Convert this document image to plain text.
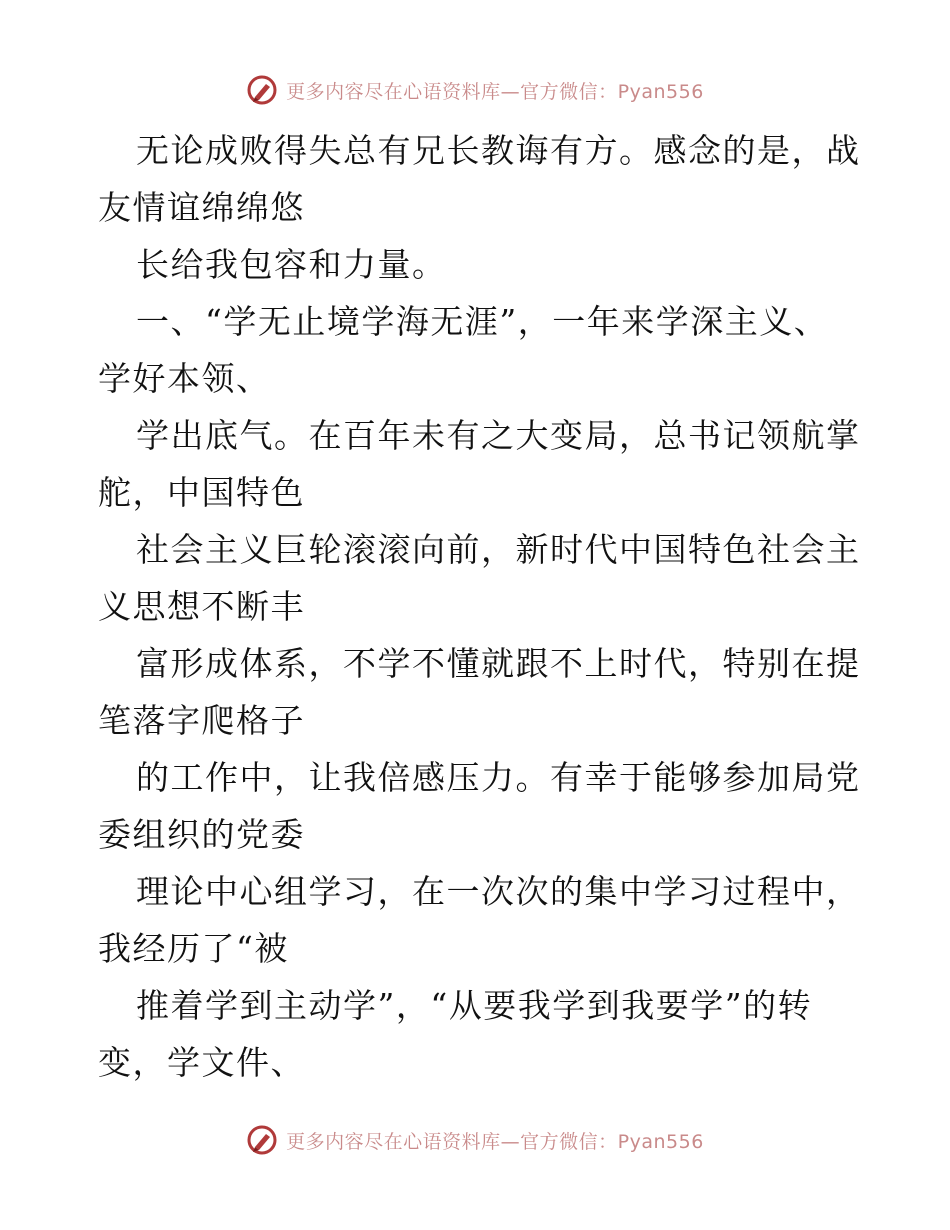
更多内容尽在心语资料库—官方微信：Pyan556
无论成败得失总有兄长教诲有方。感念的是，战
友情谊绵绵悠
长给我包容和力量。
一、“学无止境学海无涯”，一年来学深主义、
学好本领、
学出底气。在百年未有之大变局，总书记领航掌
舵，中国特色
社会主义巨轮滚滚向前，新时代中国特色社会主
义思想不断丰
富形成体系，不学不懂就跟不上时代，特别在提
笔落字爬格子
的工作中，让我倍感压力。有幸于能够参加局党
委组织的党委
理论中心组学习，在一次次的集中学习过程中，
我经历了“被
推着学到主动学”，“从要我学到我要学”的转
变，学文件、
更多内容尽在心语资料库—官方微信：Pyan556
